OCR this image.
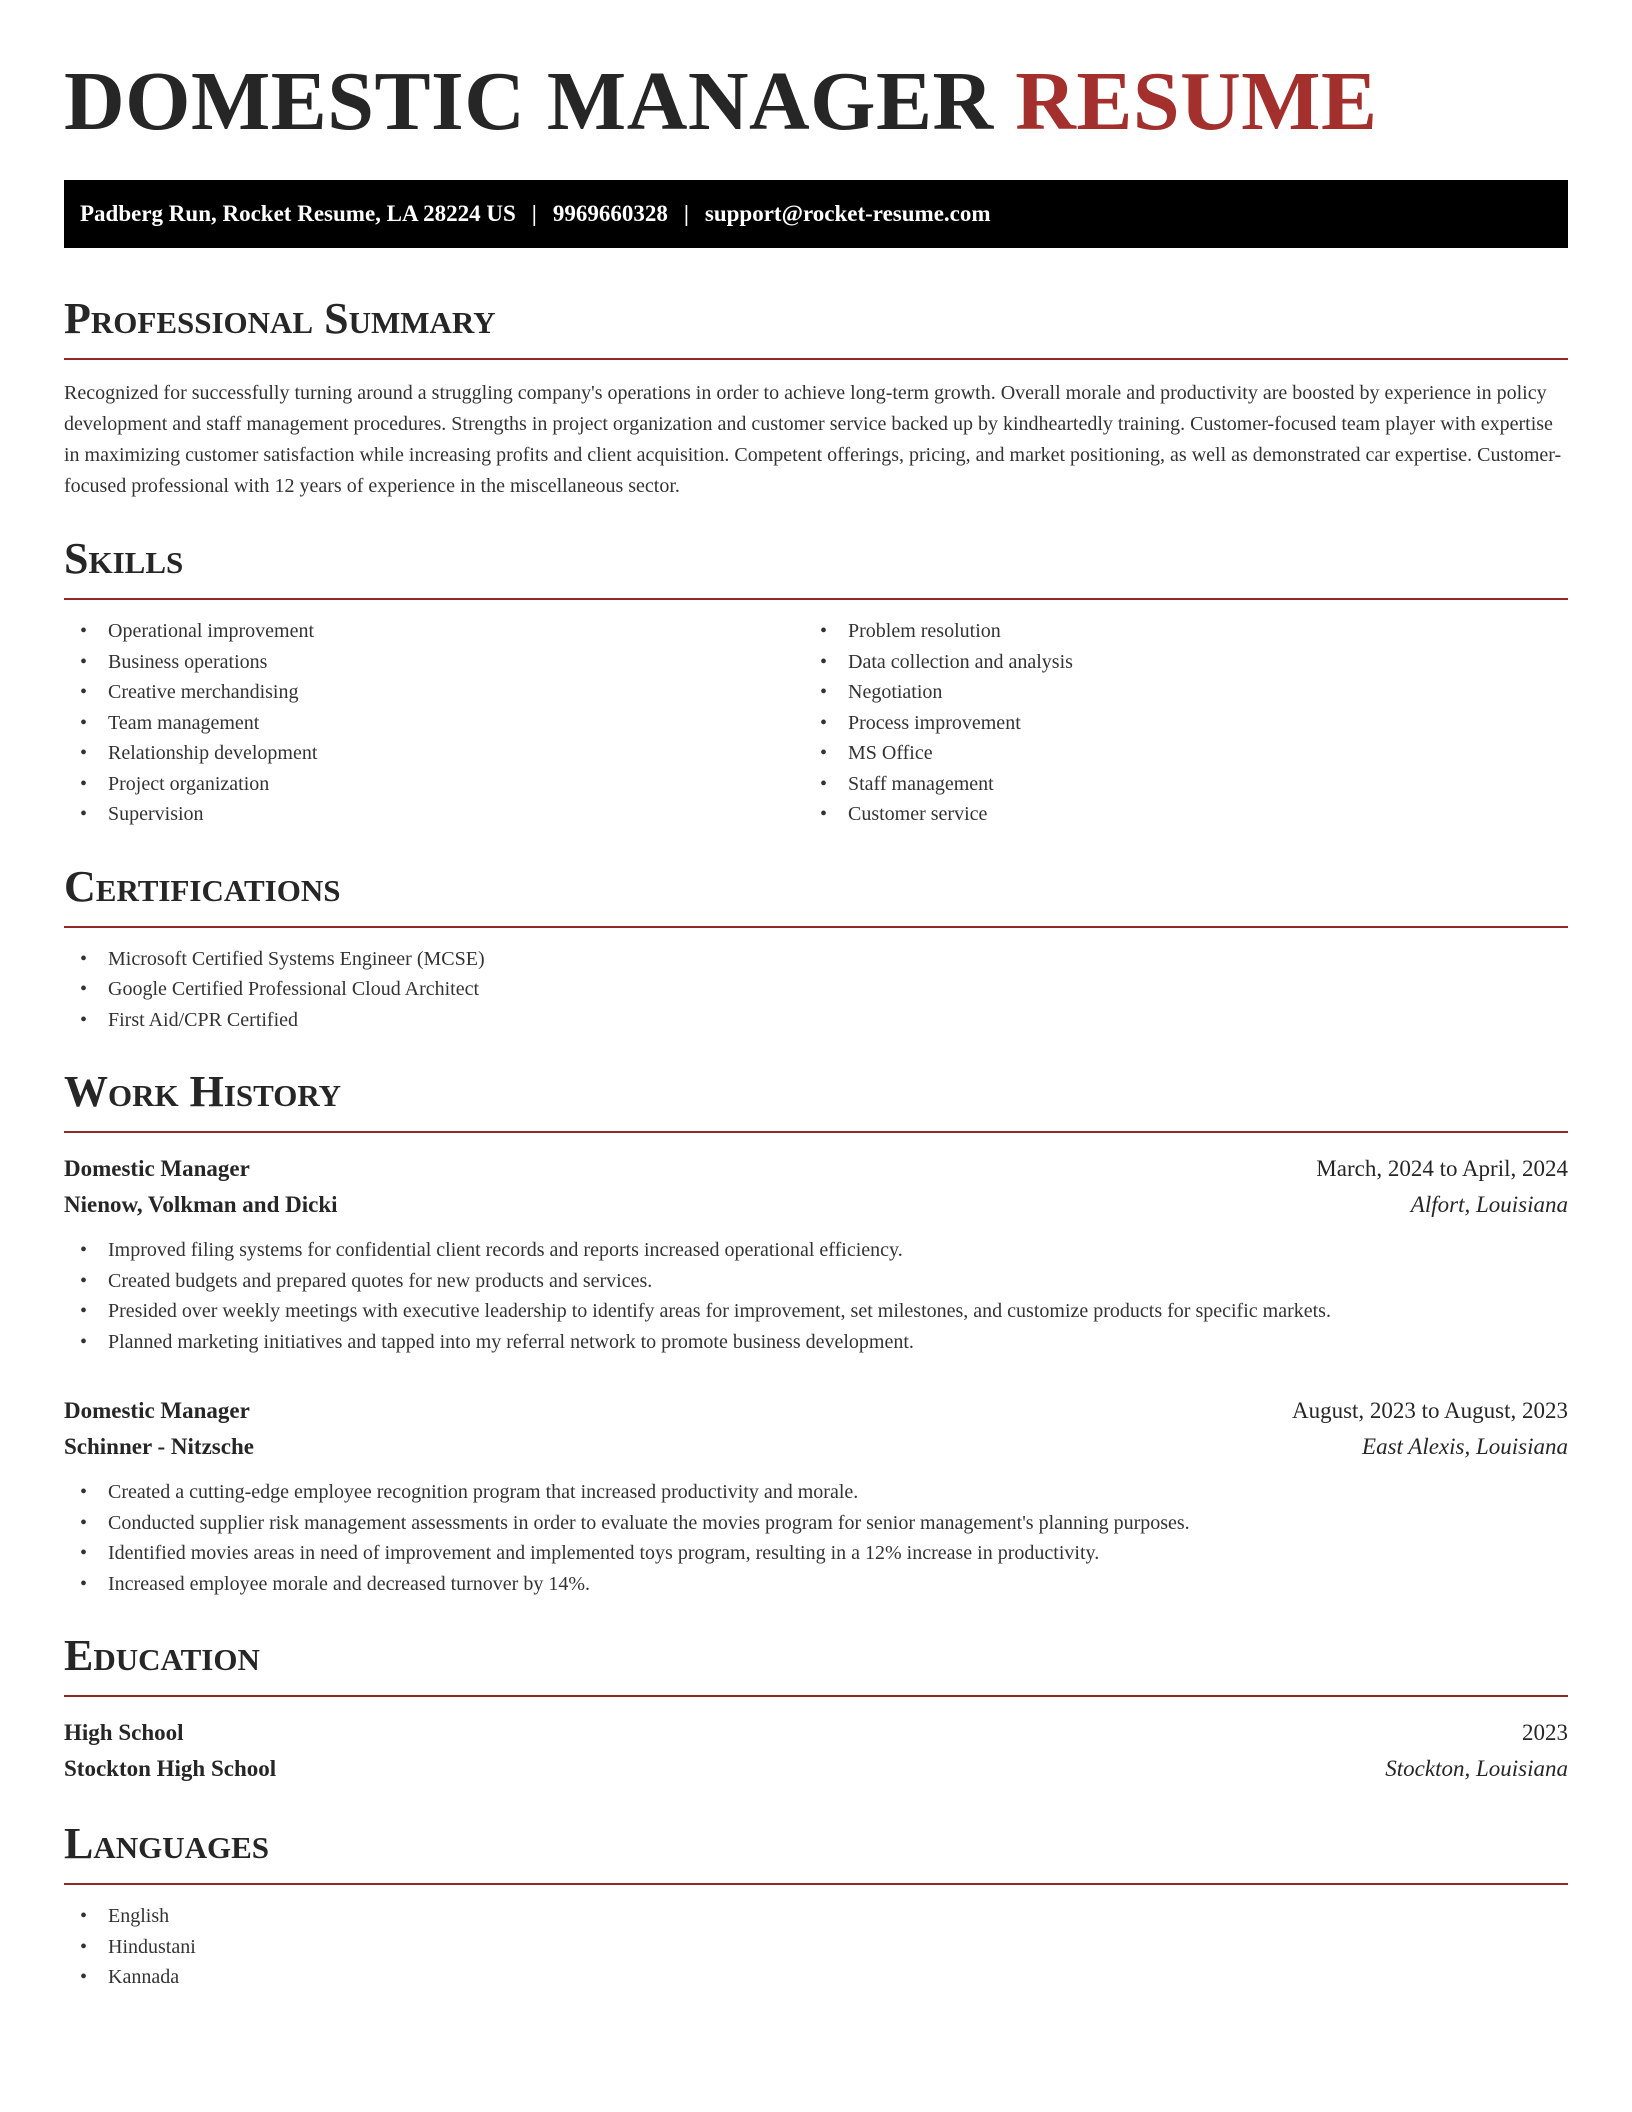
DOMESTIC MANAGER RESUME
Padberg Run, Rocket Resume, LA 28224 US | 9969660328 | support@rocket-resume.com
Professional Summary

Recognized for successfully turning around a struggling company's operations in order to achieve long-term growth. Overall morale and productivity are boosted by experience in policy development and staff management procedures. Strengths in project organization and customer service backed up by kindheartedly training. Customer-focused team player with expertise in maximizing customer satisfaction while increasing profits and client acquisition. Competent offerings, pricing, and market positioning, as well as demonstrated car expertise. Customer-focused professional with 12 years of experience in the miscellaneous sector.

Skills
• Operational improvement
• Business operations
• Creative merchandising
• Team management
• Relationship development
• Project organization
• Supervision
• Problem resolution
• Data collection and analysis
• Negotiation
• Process improvement
• MS Office
• Staff management
• Customer service
Certifications
• Microsoft Certified Systems Engineer (MCSE)
• Google Certified Professional Cloud Architect
• First Aid/CPR Certified
Work History
Domestic Manager	March, 2024 to April, 2024
Nienow, Volkman and Dicki	Alfort, Louisiana
• Improved filing systems for confidential client records and reports increased operational efficiency.
• Created budgets and prepared quotes for new products and services.
• Presided over weekly meetings with executive leadership to identify areas for improvement, set milestones, and customize products for specific markets.
• Planned marketing initiatives and tapped into my referral network to promote business development.
Domestic Manager	August, 2023 to August, 2023
Schinner - Nitzsche	East Alexis, Louisiana
• Created a cutting-edge employee recognition program that increased productivity and morale.
• Conducted supplier risk management assessments in order to evaluate the movies program for senior management's planning purposes.
• Identified movies areas in need of improvement and implemented toys program, resulting in a 12% increase in productivity.
• Increased employee morale and decreased turnover by 14%.
Education
High School	2023
Stockton High School	Stockton, Louisiana
Languages
• English
• Hindustani
• Kannada
